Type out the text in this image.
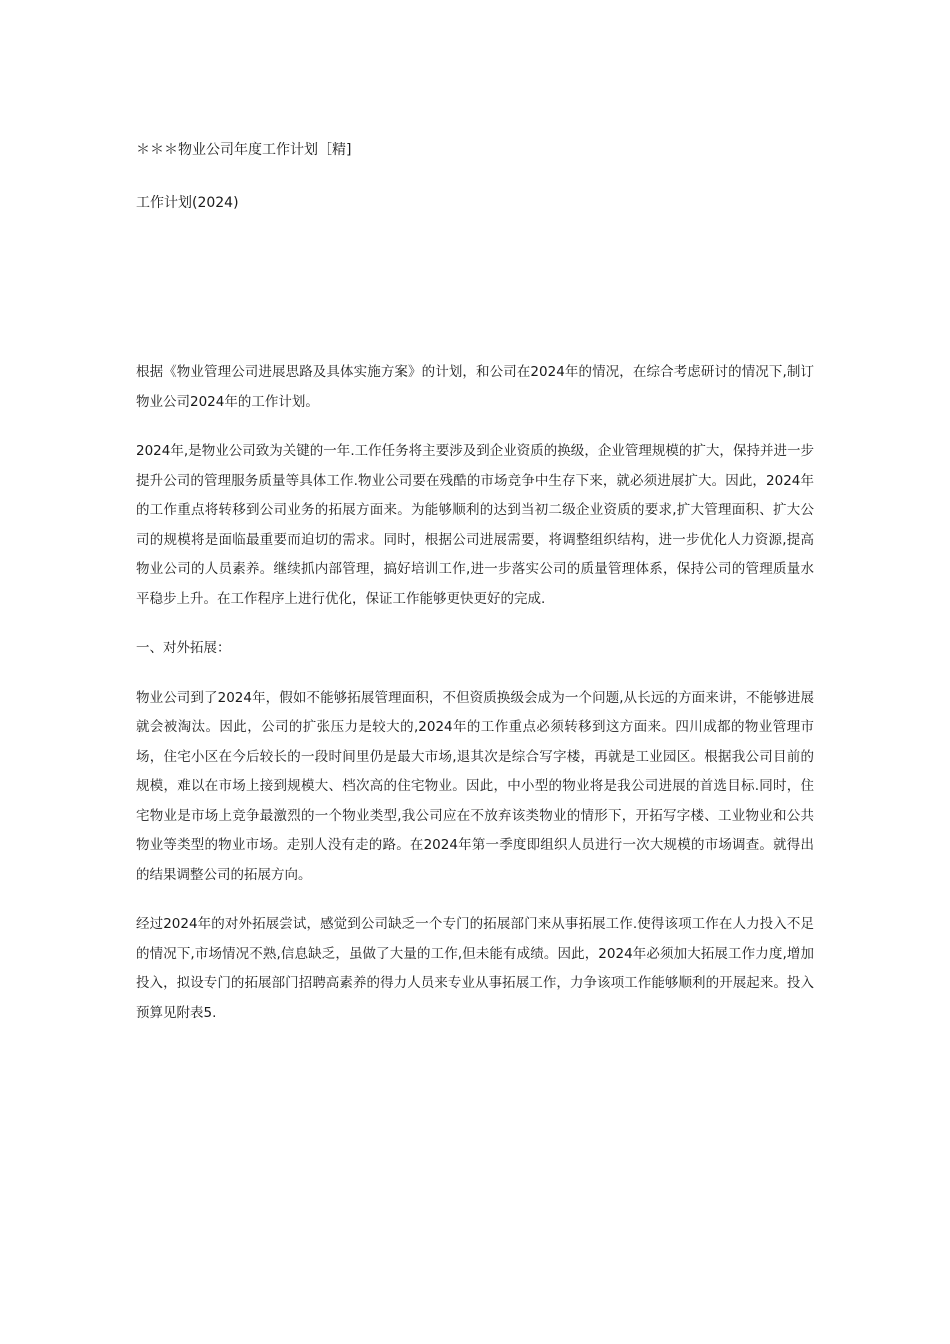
＊＊＊物业公司年度工作计划［精]
工作计划(2024)

根据《物业管理公司进展思路及具体实施方案》的计划，和公司在2024年的情况，在综合考虑研讨的情况下,制订物业公司2024年的工作计划。

2024年,是物业公司致为关键的一年.工作任务将主要涉及到企业资质的换级，企业管理规模的扩大，保持并进一步提升公司的管理服务质量等具体工作.物业公司要在残酷的市场竞争中生存下来，就必须进展扩大。因此，2024年的工作重点将转移到公司业务的拓展方面来。为能够顺利的达到当初二级企业资质的要求,扩大管理面积、扩大公司的规模将是面临最重要而迫切的需求。同时，根据公司进展需要，将调整组织结构，进一步优化人力资源,提高物业公司的人员素养。继续抓内部管理，搞好培训工作,进一步落实公司的质量管理体系，保持公司的管理质量水平稳步上升。在工作程序上进行优化，保证工作能够更快更好的完成.

一、对外拓展：

物业公司到了2024年，假如不能够拓展管理面积，不但资质换级会成为一个问题,从长远的方面来讲，不能够进展就会被淘汰。因此，公司的扩张压力是较大的,2024年的工作重点必须转移到这方面来。四川成都的物业管理市场，住宅小区在今后较长的一段时间里仍是最大市场,退其次是综合写字楼，再就是工业园区。根据我公司目前的规模，难以在市场上接到规模大、档次高的住宅物业。因此，中小型的物业将是我公司进展的首选目标.同时，住宅物业是市场上竞争最激烈的一个物业类型,我公司应在不放弃该类物业的情形下，开拓写字楼、工业物业和公共物业等类型的物业市场。走别人没有走的路。在2024年第一季度即组织人员进行一次大规模的市场调查。就得出的结果调整公司的拓展方向。

经过2024年的对外拓展尝试，感觉到公司缺乏一个专门的拓展部门来从事拓展工作.使得该项工作在人力投入不足的情况下,市场情况不熟,信息缺乏，虽做了大量的工作,但未能有成绩。因此，2024年必须加大拓展工作力度,增加投入，拟设专门的拓展部门招聘高素养的得力人员来专业从事拓展工作，力争该项工作能够顺利的开展起来。投入预算见附表5.
